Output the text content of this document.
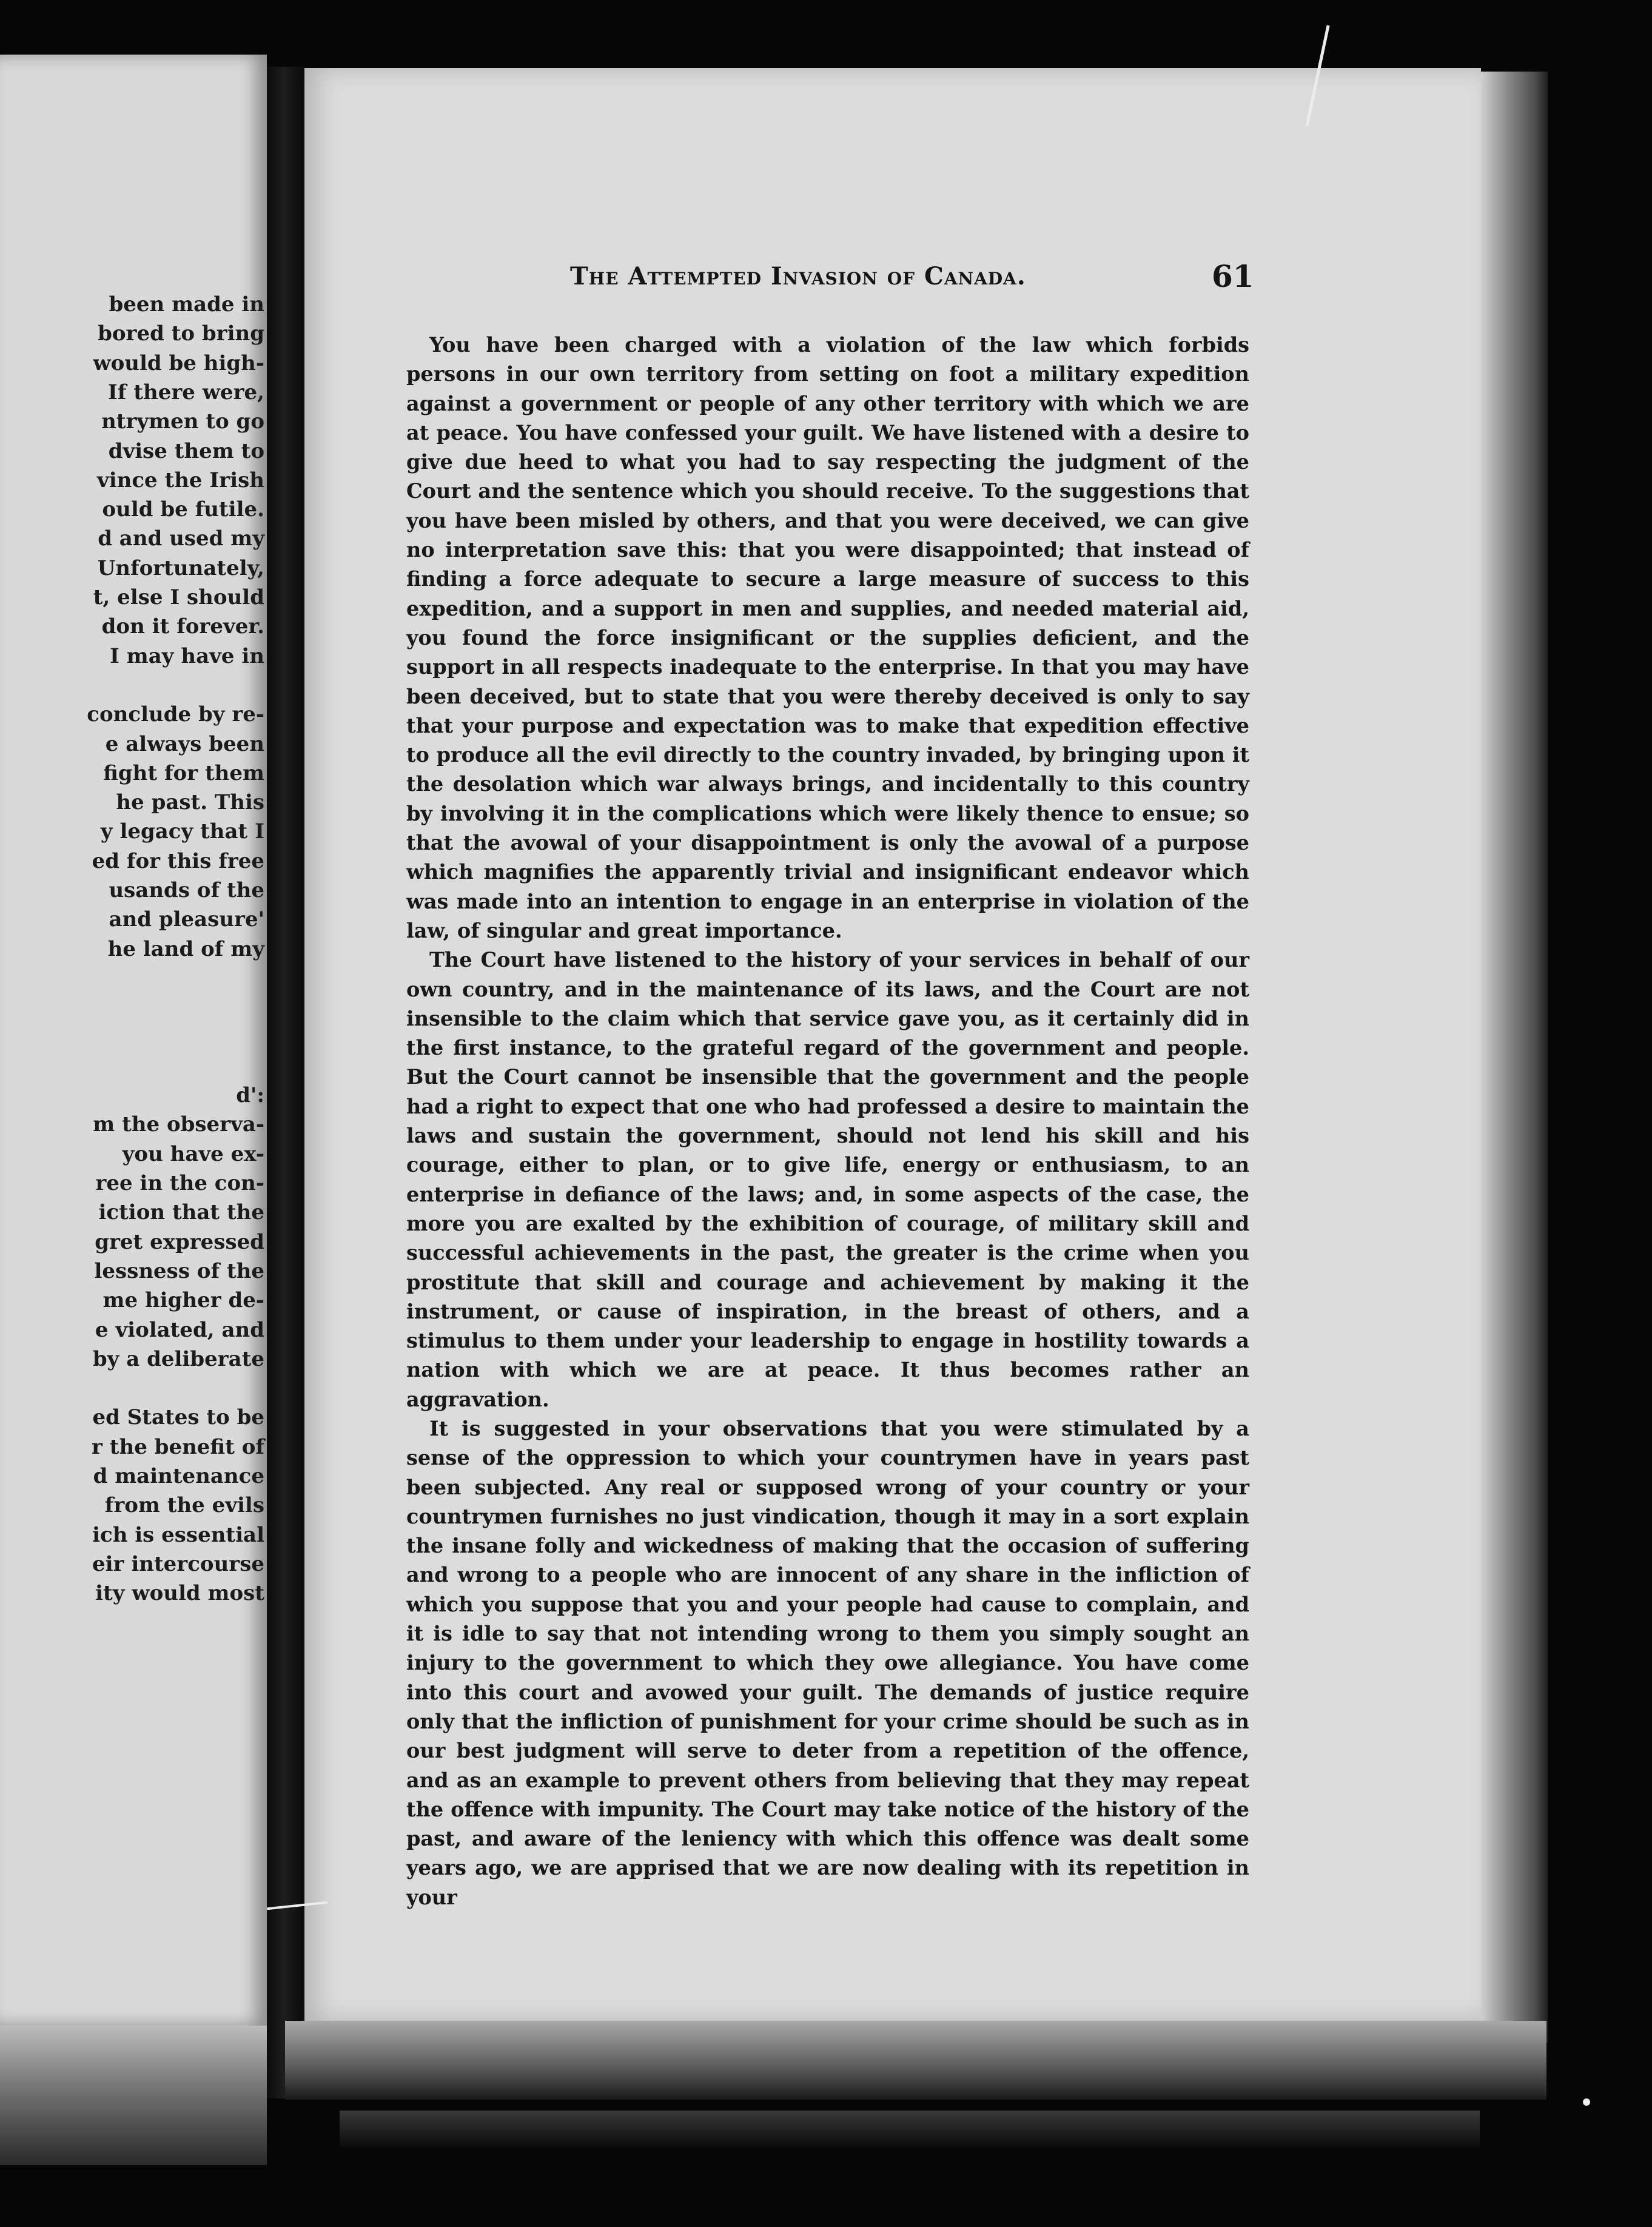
been made in
bored to bring
would be high-
If there were,
ntrymen to go
dvise them to
vince the Irish
ould be futile.
d and used my
Unfortunately,
t, else I should
don it forever.
I may have in
conclude by re-
e always been
fight for them
he past. This
y legacy that I
ed for this free
usands of the
and pleasure'
he land of my
d':
m the observa-
you have ex-
ree in the con-
iction that the
gret expressed
lessness of the
me higher de-
e violated, and
by a deliberate
ed States to be
r the benefit of
d maintenance
from the evils
ich is essential
eir intercourse
ity would most
The Attempted Invasion of Canada.	61

You have been charged with a violation of the law which forbids persons in our own territory from setting on foot a military expedition against a government or people of any other territory with which we are at peace. You have confessed your guilt. We have listened with a desire to give due heed to what you had to say respecting the judgment of the Court and the sentence which you should receive. To the suggestions that you have been misled by others, and that you were deceived, we can give no interpretation save this: that you were disappointed; that instead of finding a force adequate to secure a large measure of success to this expedition, and a support in men and supplies, and needed material aid, you found the force insignificant or the supplies deficient, and the support in all respects inadequate to the enterprise. In that you may have been deceived, but to state that you were thereby deceived is only to say that your purpose and expectation was to make that expedition effective to produce all the evil directly to the country invaded, by bringing upon it the desolation which war always brings, and incidentally to this country by involving it in the complications which were likely thence to ensue; so that the avowal of your disappointment is only the avowal of a purpose which magnifies the apparently trivial and insignificant endeavor which was made into an intention to engage in an enterprise in violation of the law, of singular and great importance.

The Court have listened to the history of your services in behalf of our own country, and in the maintenance of its laws, and the Court are not insensible to the claim which that service gave you, as it certainly did in the first instance, to the grateful regard of the government and people. But the Court cannot be insensible that the government and the people had a right to expect that one who had professed a desire to maintain the laws and sustain the government, should not lend his skill and his courage, either to plan, or to give life, energy or enthusiasm, to an enterprise in defiance of the laws; and, in some aspects of the case, the more you are exalted by the exhibition of courage, of military skill and successful achievements in the past, the greater is the crime when you prostitute that skill and courage and achievement by making it the instrument, or cause of inspiration, in the breast of others, and a stimulus to them under your leadership to engage in hostility towards a nation with which we are at peace. It thus becomes rather an aggravation.

It is suggested in your observations that you were stimulated by a sense of the oppression to which your countrymen have in years past been subjected. Any real or supposed wrong of your country or your countrymen furnishes no just vindication, though it may in a sort explain the insane folly and wickedness of making that the occasion of suffering and wrong to a people who are innocent of any share in the infliction of which you suppose that you and your people had cause to complain, and it is idle to say that not intending wrong to them you simply sought an injury to the government to which they owe allegiance. You have come into this court and avowed your guilt. The demands of justice require only that the infliction of punishment for your crime should be such as in our best judgment will serve to deter from a repetition of the offence, and as an example to prevent others from believing that they may repeat the offence with impunity. The Court may take notice of the history of the past, and aware of the leniency with which this offence was dealt some years ago, we are apprised that we are now dealing with its repetition in your
